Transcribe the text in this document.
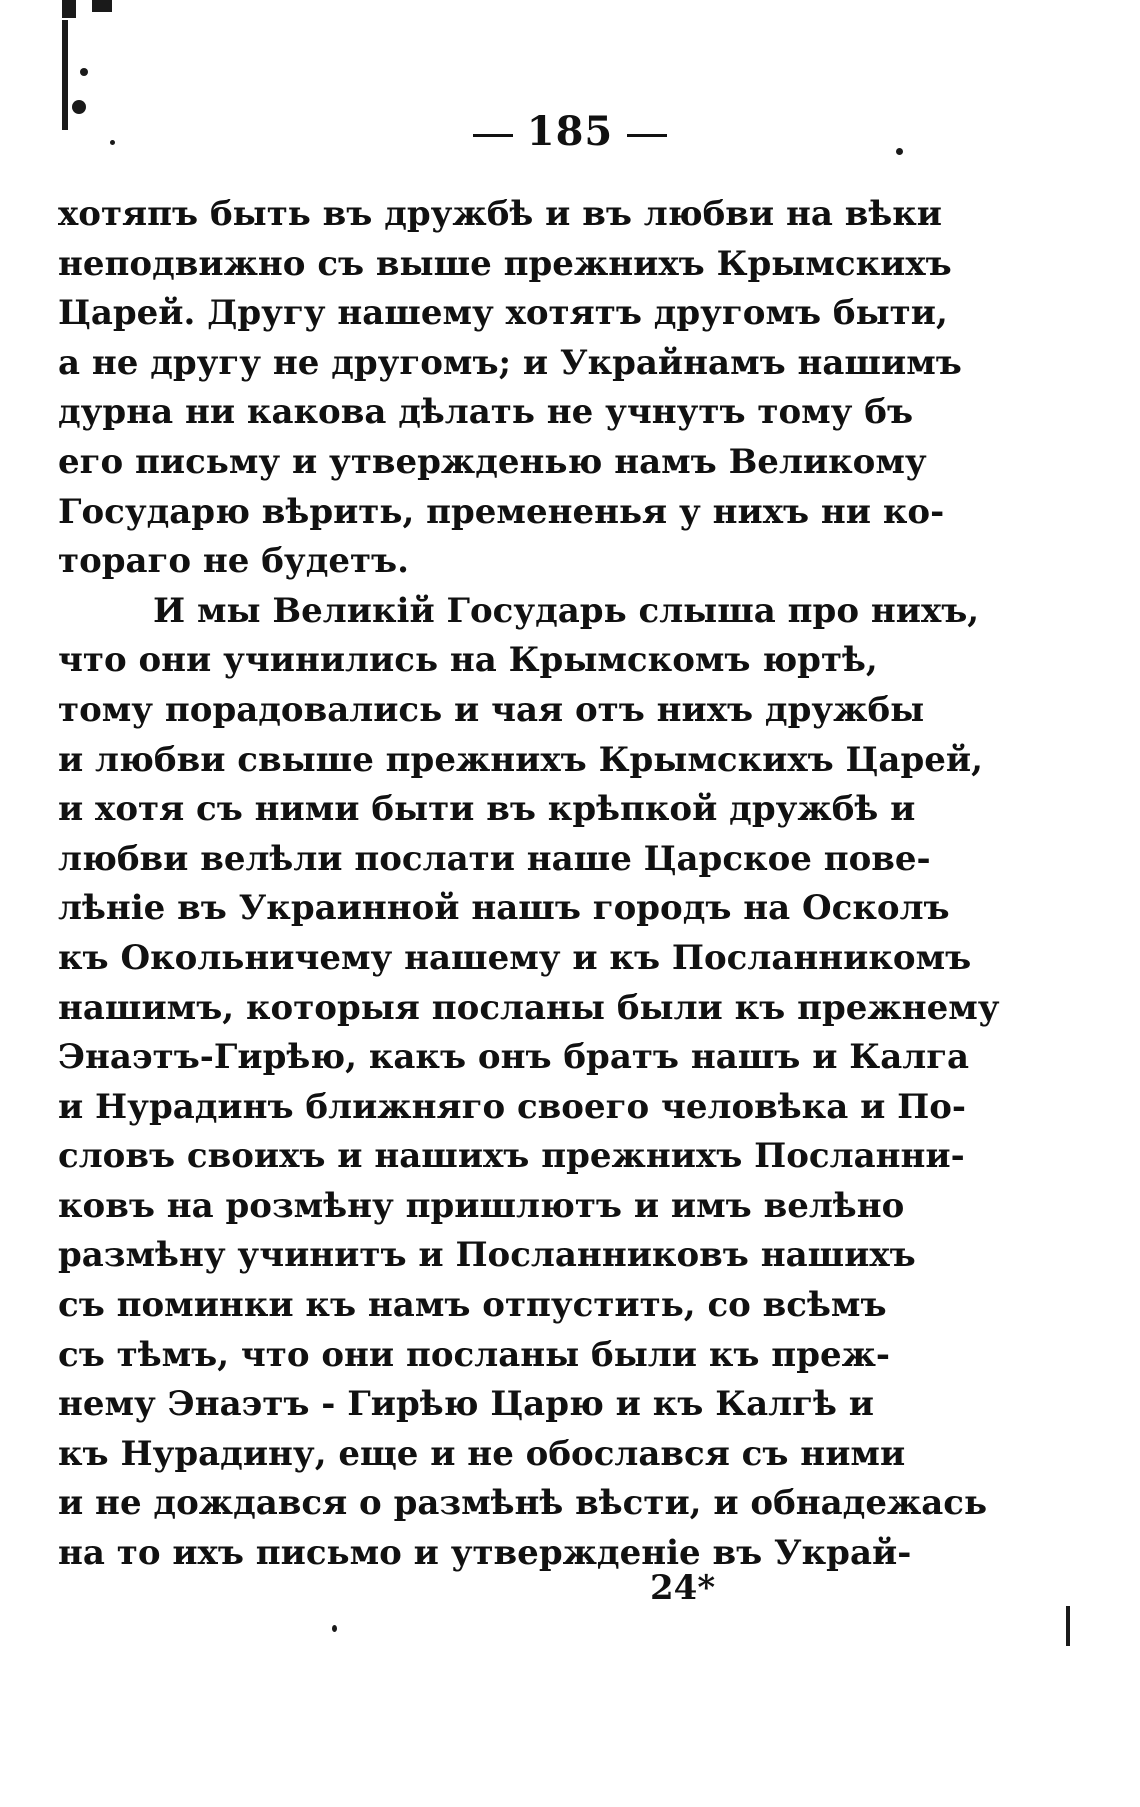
185
хотяпъ быть въ дружбѣ и въ любви на вѣки
неподвижно съ выше прежнихъ Крымскихъ
Царей. Другу нашему хотятъ другомъ быти,
а не другу не другомъ; и Украйнамъ нашимъ
дурна ни какова дѣлать не учнутъ тому бъ
его письму и утвержденью намъ Великому
Государю вѣрить, премененья у нихъ ни ко-
тораго не будетъ.
И мы Великій Государь слыша про нихъ,
что они учинились на Крымскомъ юртѣ,
тому порадовались и чая отъ нихъ дружбы
и любви свыше прежнихъ Крымскихъ Царей,
и хотя съ ними быти въ крѣпкой дружбѣ и
любви велѣли послати наше Царское пове-
лѣніе въ Украинной нашъ городъ на Осколъ
къ Окольничему нашему и къ Посланникомъ
нашимъ, которыя посланы были къ прежнему
Энаэтъ-Гирѣю, какъ онъ братъ нашъ и Калга
и Нурадинъ ближняго своего человѣка и По-
словъ своихъ и нашихъ прежнихъ Посланни-
ковъ на розмѣну пришлютъ и имъ велѣно
размѣну учинитъ и Посланниковъ нашихъ
съ поминки къ намъ отпустить, со всѣмъ
съ тѣмъ, что они посланы были къ преж-
нему Энаэтъ - Гирѣю Царю и къ Калгѣ и
къ Нурадину, еще и не обослався съ ними
и не дождався о размѣнѣ вѣсти, и обнадежась
на то ихъ письмо и утвержденіе въ Украй-
24*
